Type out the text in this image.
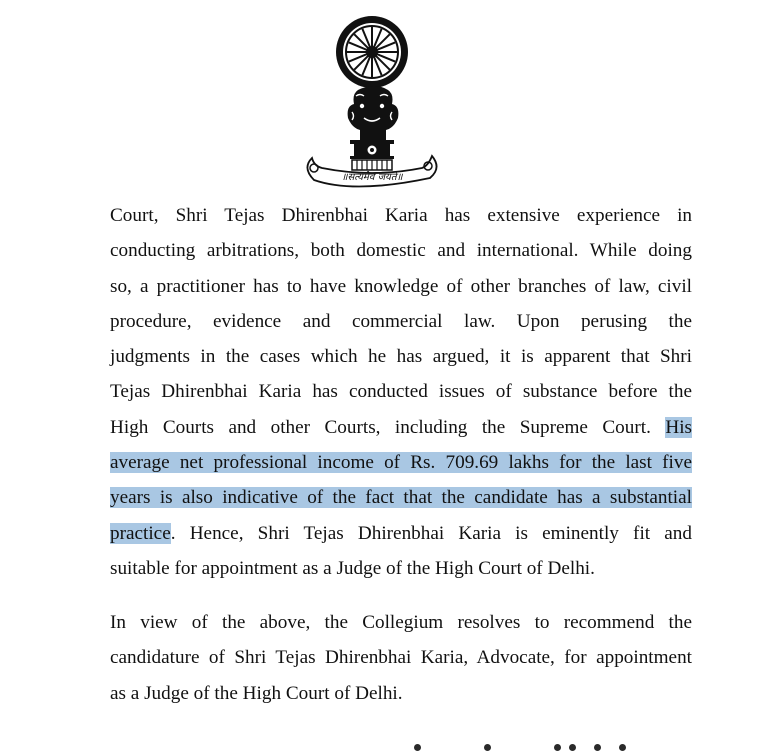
॥सत्यमेव जयते॥

Court, Shri Tejas Dhirenbhai Karia has extensive experience in
conducting arbitrations, both domestic and international. While doing
so, a practitioner has to have knowledge of other branches of law, civil
procedure, evidence and commercial law. Upon perusing the
judgments in the cases which he has argued, it is apparent that Shri
Tejas Dhirenbhai Karia has conducted issues of substance before the
High Courts and other Courts, including the Supreme Court. His
average net professional income of Rs. 709.69 lakhs for the last five
years is also indicative of the fact that the candidate has a substantial
practice. Hence, Shri Tejas Dhirenbhai Karia is eminently fit and
suitable for appointment as a Judge of the High Court of Delhi.

In view of the above, the Collegium resolves to recommend the
candidature of Shri Tejas Dhirenbhai Karia, Advocate, for appointment
as a Judge of the High Court of Delhi.
